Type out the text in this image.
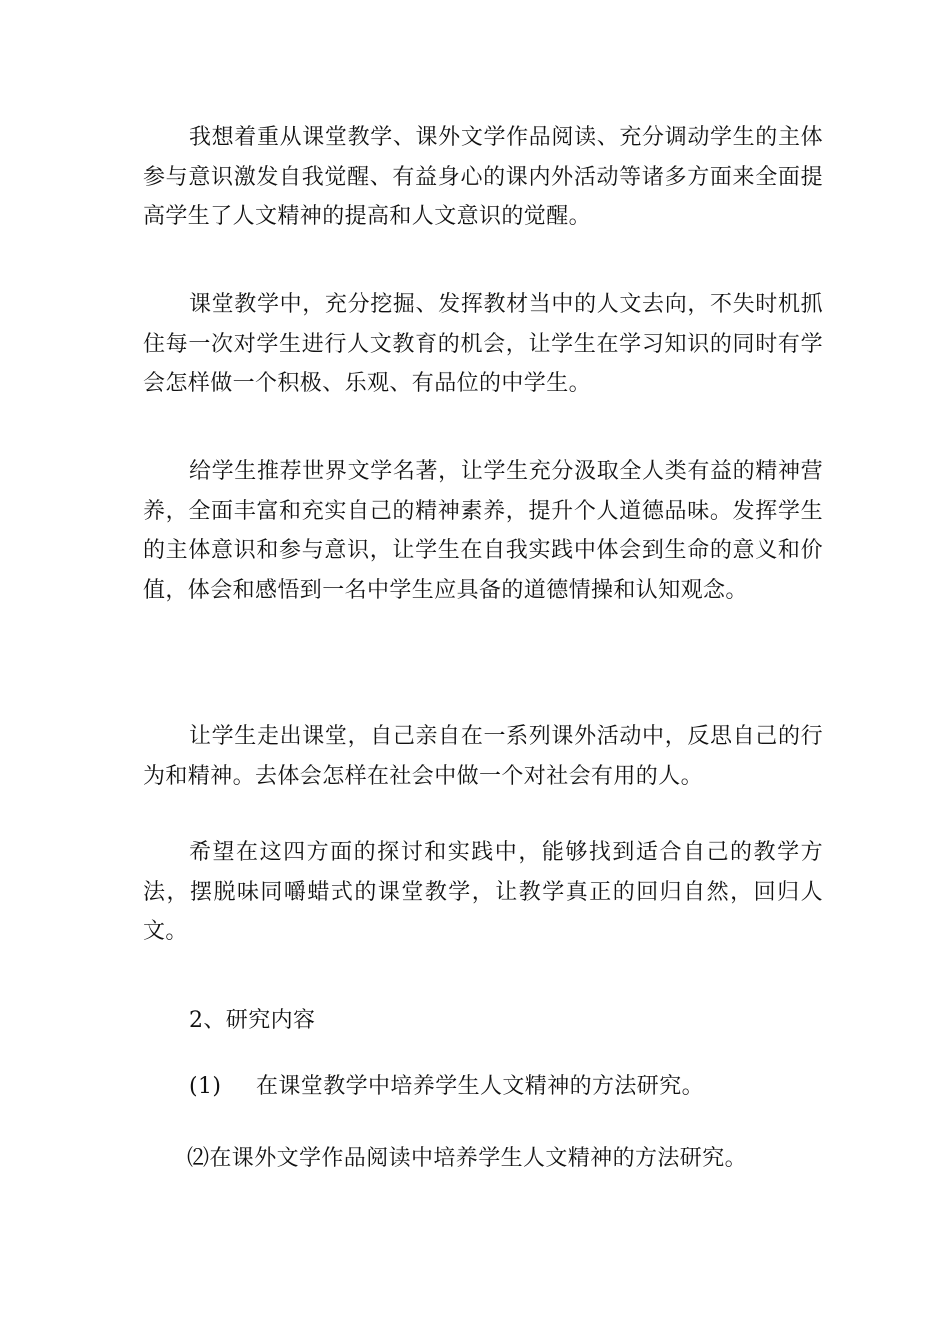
我想着重从课堂教学、课外文学作品阅读、充分调动学生的主体参与意识激发自我觉醒、有益身心的课内外活动等诸多方面来全面提高学生了人文精神的提高和人文意识的觉醒。

课堂教学中，充分挖掘、发挥教材当中的人文去向，不失时机抓住每一次对学生进行人文教育的机会，让学生在学习知识的同时有学会怎样做一个积极、乐观、有品位的中学生。

给学生推荐世界文学名著，让学生充分汲取全人类有益的精神营养，全面丰富和充实自己的精神素养，提升个人道德品味。发挥学生的主体意识和参与意识，让学生在自我实践中体会到生命的意义和价值，体会和感悟到一名中学生应具备的道德情操和认知观念。

让学生走出课堂，自己亲自在一系列课外活动中，反思自己的行为和精神。去体会怎样在社会中做一个对社会有用的人。

希望在这四方面的探讨和实践中，能够找到适合自己的教学方法，摆脱味同嚼蜡式的课堂教学，让教学真正的回归自然，回归人文。

2、研究内容

(1) 在课堂教学中培养学生人文精神的方法研究。

⑵在课外文学作品阅读中培养学生人文精神的方法研究。
